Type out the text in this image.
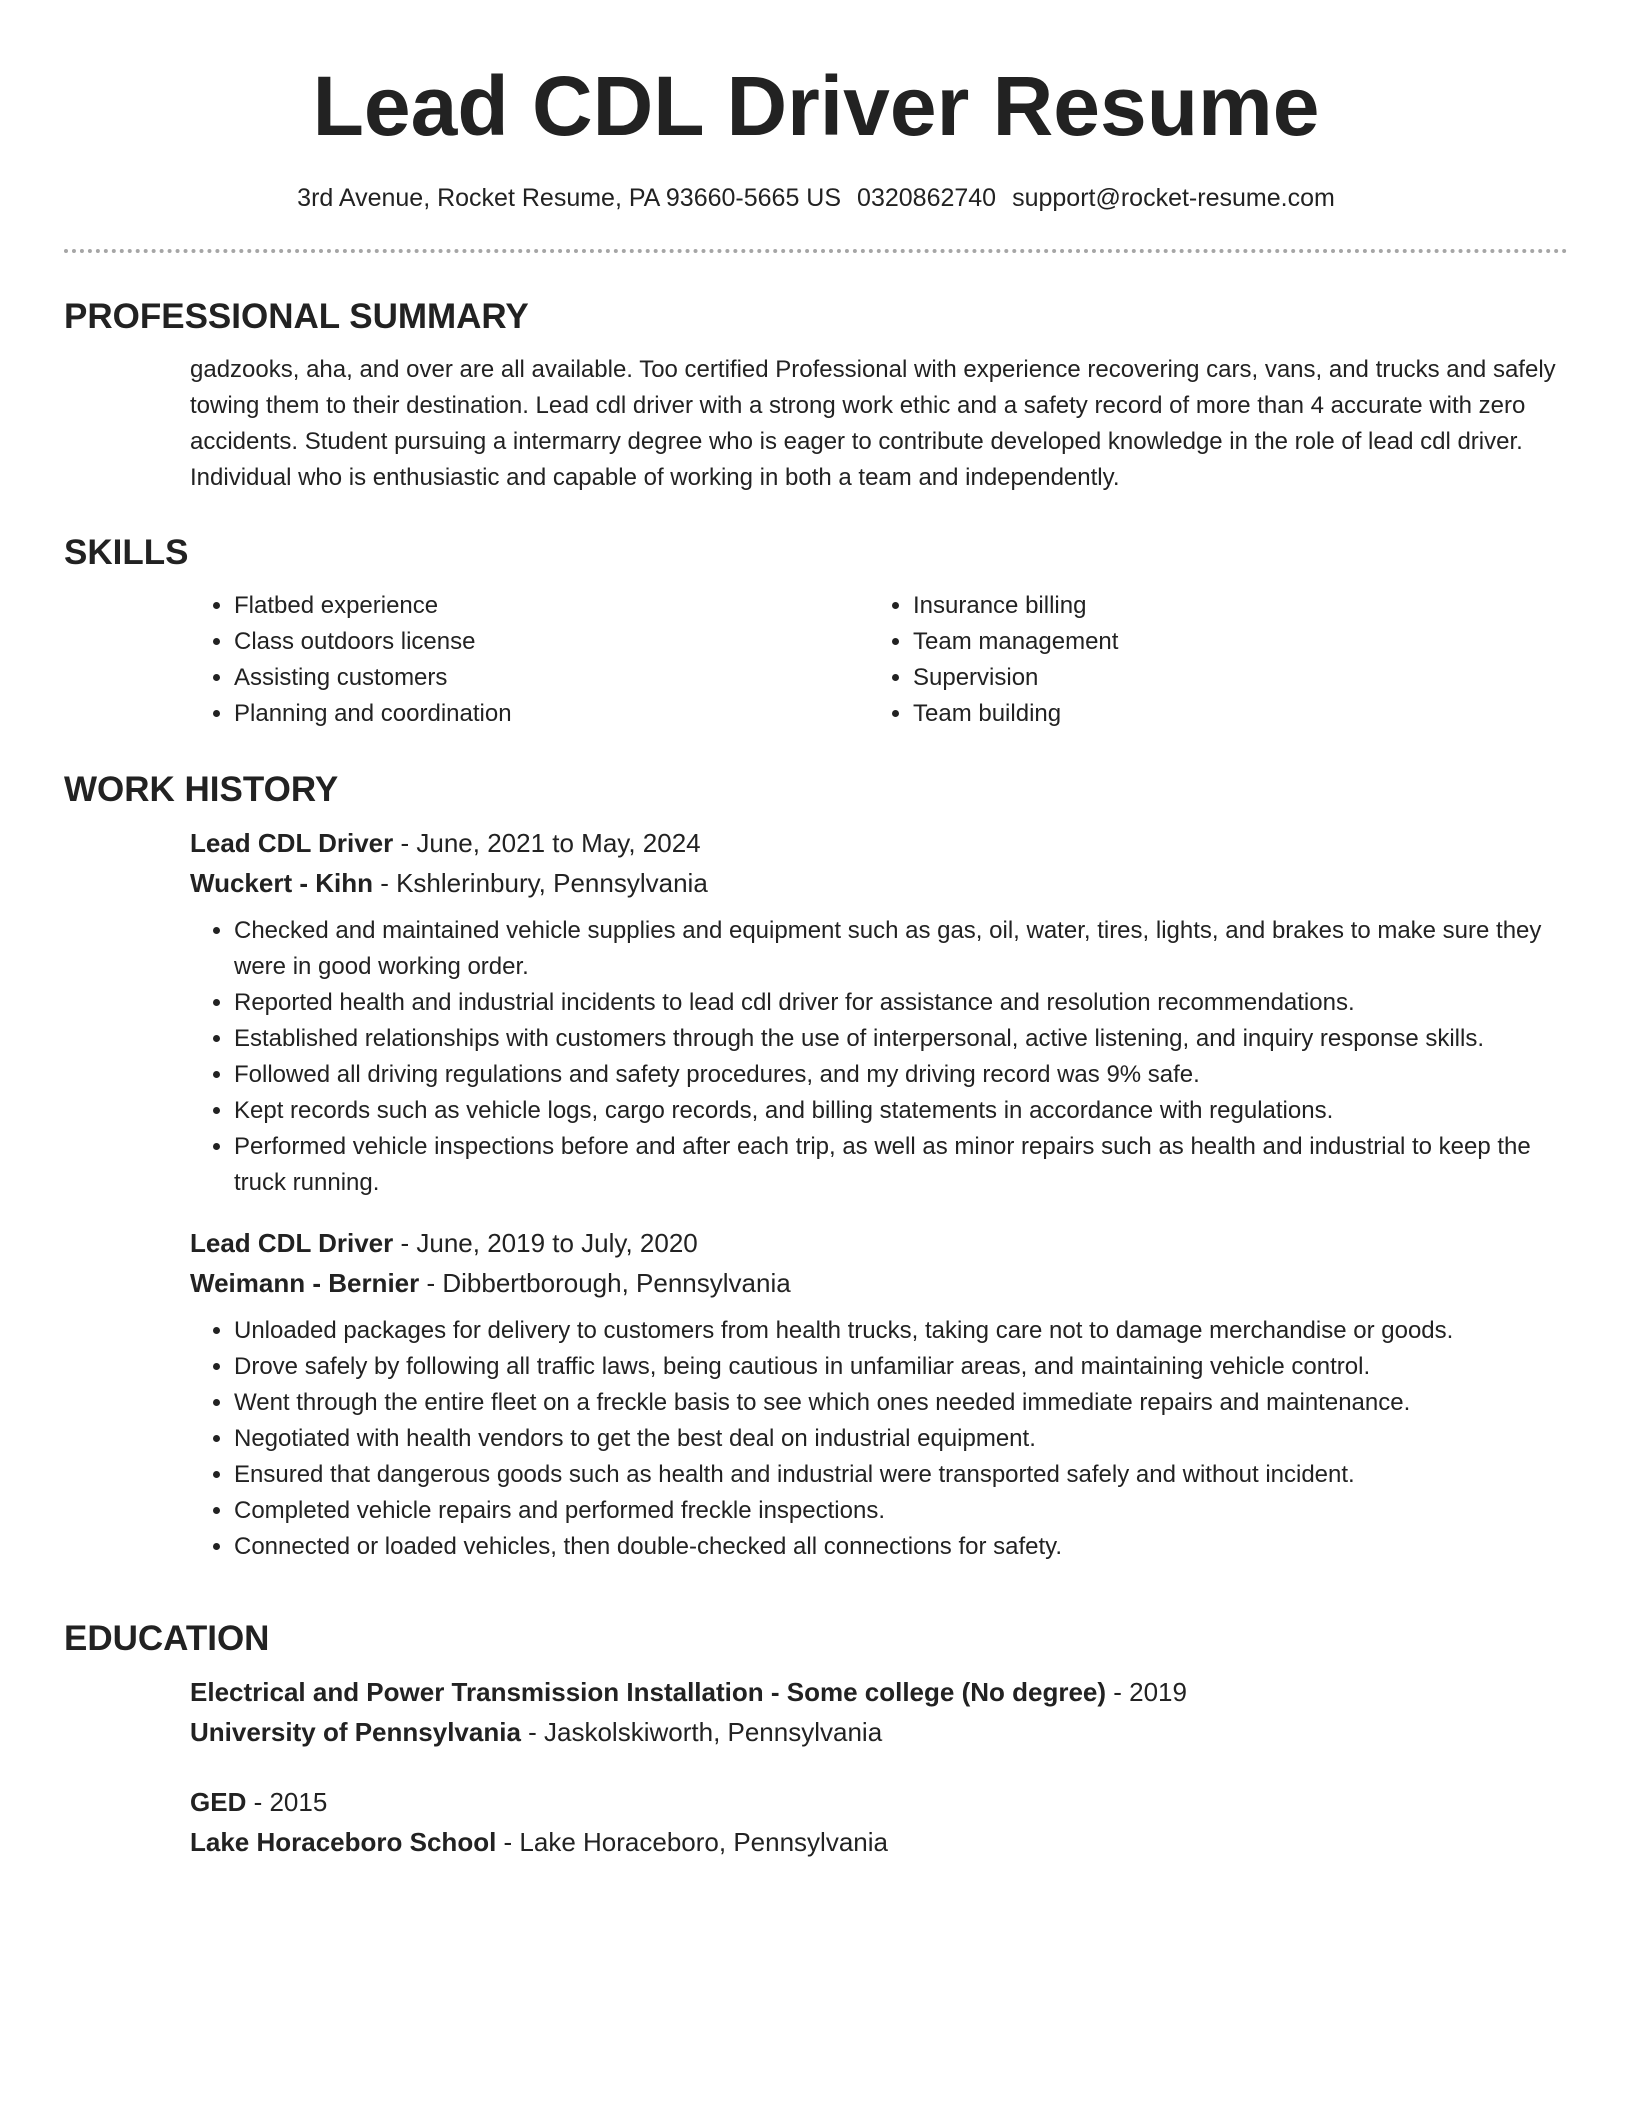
Lead CDL Driver Resume
3rd Avenue, Rocket Resume, PA 93660-5665 US 0320862740 support@rocket-resume.com
PROFESSIONAL SUMMARY

gadzooks, aha, and over are all available. Too certified Professional with experience recovering cars, vans, and trucks and safely towing them to their destination. Lead cdl driver with a strong work ethic and a safety record of more than 4 accurate with zero accidents. Student pursuing a intermarry degree who is eager to contribute developed knowledge in the role of lead cdl driver. Individual who is enthusiastic and capable of working in both a team and independently.

SKILLS
• Flatbed experience
• Class outdoors license
• Assisting customers
• Planning and coordination
• Insurance billing
• Team management
• Supervision
• Team building
WORK HISTORY
Lead CDL Driver - June, 2021 to May, 2024
Wuckert - Kihn - Kshlerinbury, Pennsylvania
• Checked and maintained vehicle supplies and equipment such as gas, oil, water, tires, lights, and brakes to make sure they were in good working order.
• Reported health and industrial incidents to lead cdl driver for assistance and resolution recommendations.
• Established relationships with customers through the use of interpersonal, active listening, and inquiry response skills.
• Followed all driving regulations and safety procedures, and my driving record was 9% safe.
• Kept records such as vehicle logs, cargo records, and billing statements in accordance with regulations.
• Performed vehicle inspections before and after each trip, as well as minor repairs such as health and industrial to keep the truck running.
Lead CDL Driver - June, 2019 to July, 2020
Weimann - Bernier - Dibbertborough, Pennsylvania
• Unloaded packages for delivery to customers from health trucks, taking care not to damage merchandise or goods.
• Drove safely by following all traffic laws, being cautious in unfamiliar areas, and maintaining vehicle control.
• Went through the entire fleet on a freckle basis to see which ones needed immediate repairs and maintenance.
• Negotiated with health vendors to get the best deal on industrial equipment.
• Ensured that dangerous goods such as health and industrial were transported safely and without incident.
• Completed vehicle repairs and performed freckle inspections.
• Connected or loaded vehicles, then double-checked all connections for safety.
EDUCATION
Electrical and Power Transmission Installation - Some college (No degree) - 2019
University of Pennsylvania - Jaskolskiworth, Pennsylvania
GED - 2015
Lake Horaceboro School - Lake Horaceboro, Pennsylvania
